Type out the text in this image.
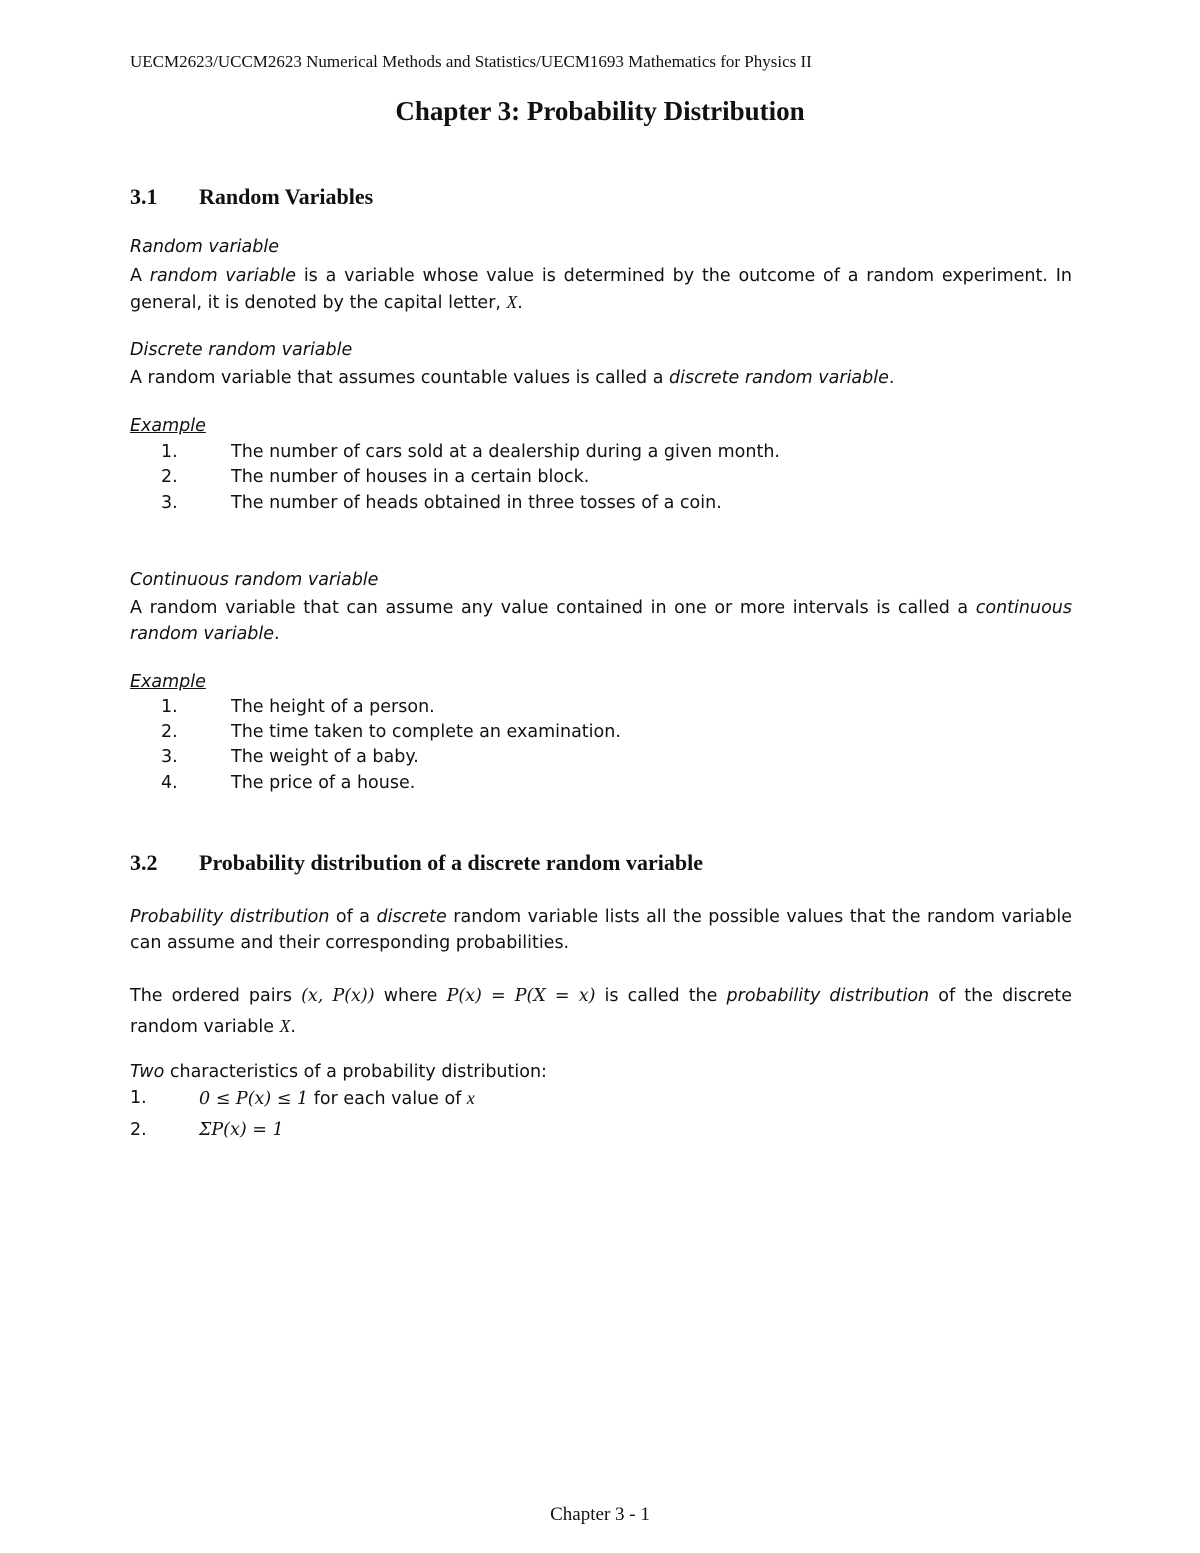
UECM2623/UCCM2623 Numerical Methods and Statistics/UECM1693 Mathematics for Physics II
Chapter 3: Probability Distribution
3.1 Random Variables
Random variable
A random variable is a variable whose value is determined by the outcome of a random experiment. In general, it is denoted by the capital letter, X.
Discrete random variable
A random variable that assumes countable values is called a discrete random variable.
Example
1.	The number of cars sold at a dealership during a given month.
2.	The number of houses in a certain block.
3.	The number of heads obtained in three tosses of a coin.
Continuous random variable
A random variable that can assume any value contained in one or more intervals is called a continuous random variable.
Example
1.	The height of a person.
2.	The time taken to complete an examination.
3.	The weight of a baby.
4.	The price of a house.
3.2 Probability distribution of a discrete random variable
Probability distribution of a discrete random variable lists all the possible values that the random variable can assume and their corresponding probabilities.
The ordered pairs (x, P(x)) where P(x) = P(X = x) is called the probability distribution of the discrete random variable X.
Two characteristics of a probability distribution:
1.	0 ≤ P(x) ≤ 1 for each value of x
2.	ΣP(x) = 1
Chapter 3 - 1
